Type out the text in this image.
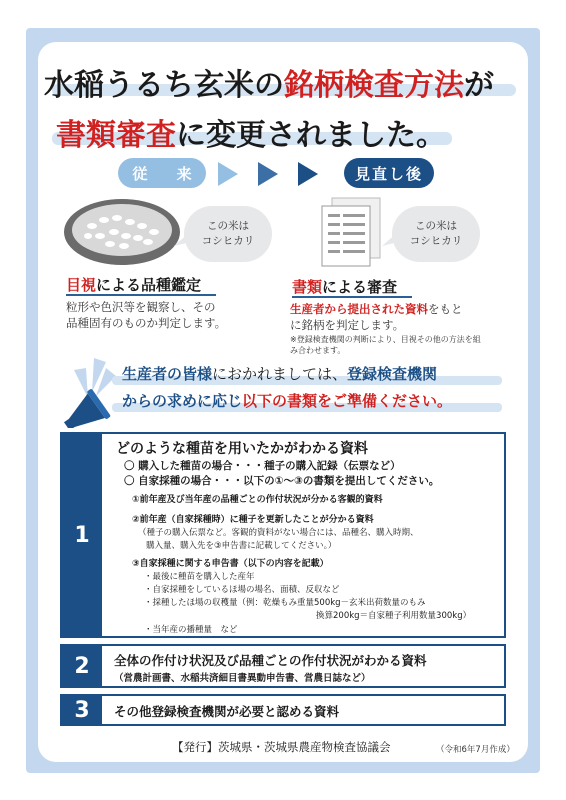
水稲うるち玄米の銘柄検査方法が
書類審査に変更されました。
従 来	見直し後
この米は
コシヒカリ
この米は
コシヒカリ
目視による品種鑑定
粒形や色沢等を観察し、その
品種固有のものか判定します。
書類による審査
生産者から提出された資料をもと
に銘柄を判定します。
※登録検査機関の判断により、目視その他の方法を組
み合わせます。
生産者の皆様におかれましては、登録検査機関
からの求めに応じ以下の書類をご準備ください。
1
どのような種苗を用いたかがわかる資料
〇 購入した種苗の場合・・・種子の購入記録（伝票など）
〇 自家採種の場合・・・以下の①～③の書類を提出してください。
①前年産及び当年産の品種ごとの作付状況が分かる客観的資料
②前年産（自家採種時）に種子を更新したことが分かる資料
（種子の購入伝票など。客観的資料がない場合には、品種名、購入時期、
購入量、購入先を③申告書に記載してください。）
③自家採種に関する申告書（以下の内容を記載）
・最後に種苗を購入した産年
・自家採種をしているほ場の場名、面積、反収など
・採種したほ場の収穫量（例：乾燥もみ重量500kg－玄米出荷数量のもみ
換算200kg＝自家種子利用数量300kg）
・当年産の播種量　など
2	全体の作付け状況及び品種ごとの作付状況がわかる資料
（営農計画書、水稲共済細目書異動申告書、営農日誌など）
3	その他登録検査機関が必要と認める資料
【発行】茨城県・茨城県農産物検査協議会	（令和6年7月作成）
